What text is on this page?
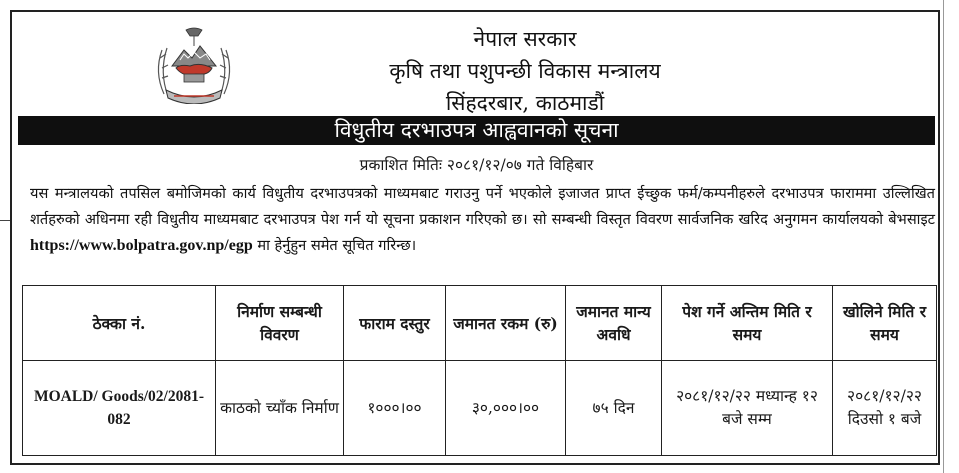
नेपाल सरकार
कृषि तथा पशुपन्छी विकास मन्त्रालय
सिंहदरबार, काठमाडौं
विधुतीय दरभाउपत्र आह्ववानको सूचना
प्रकाशित मितिः २०८१/१२/०७ गते विहिबार
यस मन्त्रालयको तपसिल बमोजिमको कार्य विधुतीय दरभाउपत्रको माध्यमबाट गराउनु पर्ने भएकोले इजाजत प्राप्त ईच्छुक फर्म/कम्पनीहरुले दरभाउपत्र फाराममा उल्लिखित शर्तहरुको अधिनमा रही विधुतीय माध्यमबाट दरभाउपत्र पेश गर्न यो सूचना प्रकाशन गरिएको छ। सो सम्बन्धी विस्तृत विवरण सार्वजनिक खरिद अनुगमन कार्यालयको बेभसाइट https://www.bolpatra.gov.np/egp मा हेर्नुहुन समेत सूचित गरिन्छ।
ठेक्का नं.	निर्माण सम्बन्धी विवरण	फाराम दस्तुर	जमानत रकम (रु)	जमानत मान्य अवधि	पेश गर्ने अन्तिम मिति र समय	खोलिने मिति र समय
MOALD/ Goods/02/2081-082	काठको च्याँक निर्माण	१०००।००	३०,०००।००	७५ दिन	२०८१/१२/२२ मध्यान्ह १२ बजे सम्म	२०८१/१२/२२ दिउसो १ बजे
